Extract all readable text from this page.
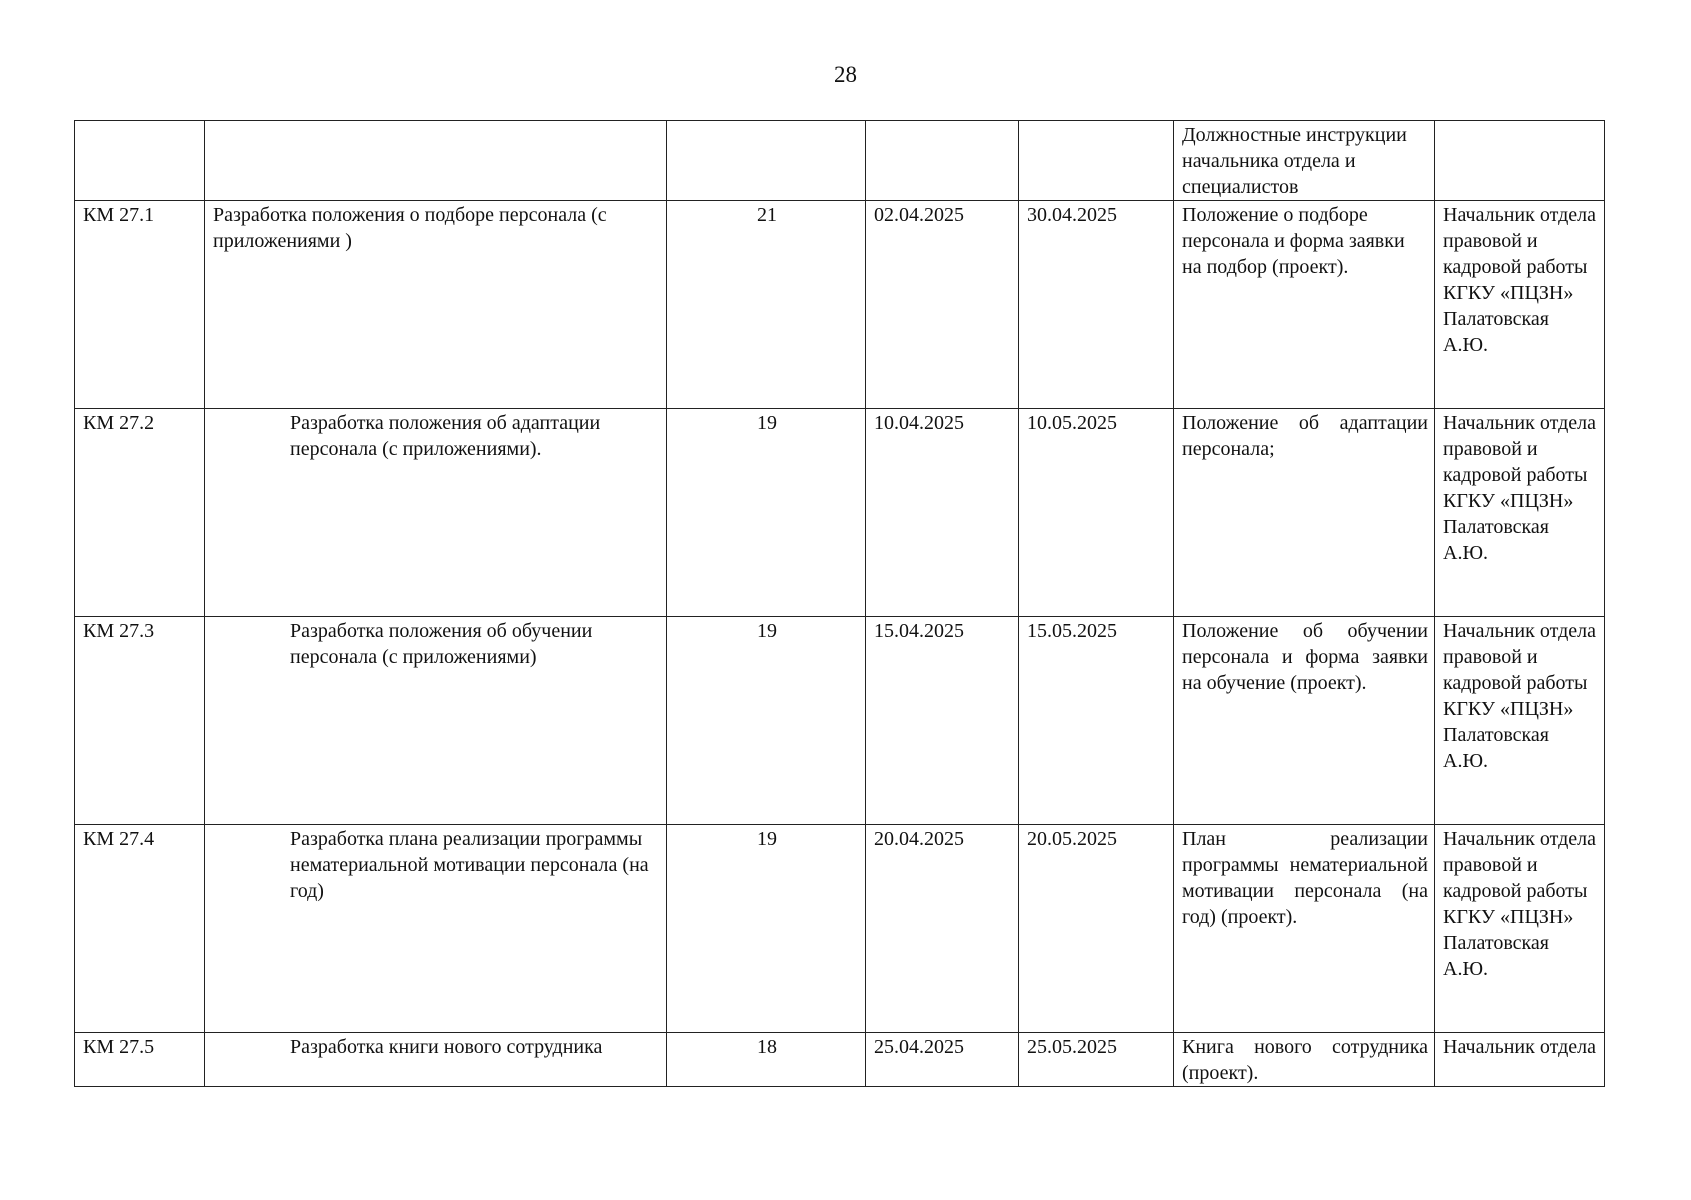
28
					Должностные инструкции начальника отдела и специалистов	
КМ 27.1	Разработка положения о подборе персонала (с приложениями )	21	02.04.2025	30.04.2025	Положение о подборе персонала и форма заявки на подбор (проект).	Начальник отдела правовой и кадровой работы КГКУ «ПЦЗН» Палатовская А.Ю.
КМ 27.2	Разработка положения об адаптации персонала (с приложениями).	19	10.04.2025	10.05.2025	Положение об адаптации персонала;	Начальник отдела правовой и кадровой работы КГКУ «ПЦЗН» Палатовская А.Ю.
КМ 27.3	Разработка положения об обучении персонала (с приложениями)	19	15.04.2025	15.05.2025	Положение об обучении персонала и форма заявки на обучение (проект).	Начальник отдела правовой и кадровой работы КГКУ «ПЦЗН» Палатовская А.Ю.
КМ 27.4	Разработка плана реализации программы нематериальной мотивации персонала (на год)	19	20.04.2025	20.05.2025	План реализации программы нематериальной мотивации персонала (на год) (проект).	Начальник отдела правовой и кадровой работы КГКУ «ПЦЗН» Палатовская А.Ю.
КМ 27.5	Разработка книги нового сотрудника	18	25.04.2025	25.05.2025	Книга нового сотрудника (проект).	Начальник отдела
